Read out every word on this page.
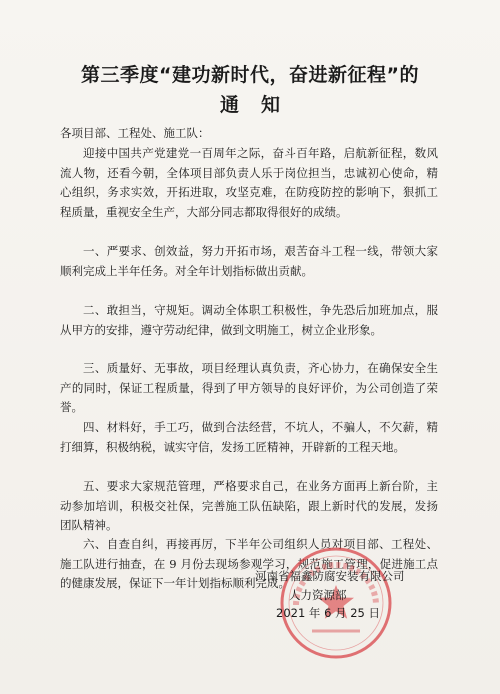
第三季度“建功新时代，奋进新征程”的
通知
各项目部、工程处、施工队：

迎接中国共产党建党一百周年之际，奋斗百年路，启航新征程，数风流人物，还看今朝，全体项目部负责人乐于岗位担当，忠诚初心使命，精心组织，务求实效，开拓进取，攻坚克难，在防疫防控的影响下，狠抓工程质量，重视安全生产，大部分同志都取得很好的成绩。

一、严要求、创效益，努力开拓市场，艰苦奋斗工程一线，带领大家顺利完成上半年任务。对全年计划指标做出贡献。

二、敢担当，守规矩。调动全体职工积极性，争先恐后加班加点，服从甲方的安排，遵守劳动纪律，做到文明施工，树立企业形象。

三、质量好、无事故，项目经理认真负责，齐心协力，在确保安全生产的同时，保证工程质量，得到了甲方领导的良好评价，为公司创造了荣誉。

四、材料好，手工巧，做到合法经营，不坑人，不骗人，不欠薪，精打细算，积极纳税，诚实守信，发扬工匠精神，开辟新的工程天地。

五、要求大家规范管理，严格要求自己，在业务方面再上新台阶，主动参加培训，积极交社保，完善施工队伍缺陷，跟上新时代的发展，发扬团队精神。

六、自查自纠，再接再厉，下半年公司组织人员对项目部、工程处、施工队进行抽查，在 9 月份去现场参观学习，规范施工管理，促进施工点的健康发展，保证下一年计划指标顺利完成。

河南省福鑫防腐安装有限公司
人力资源部
2021 年 6 月 25 日
